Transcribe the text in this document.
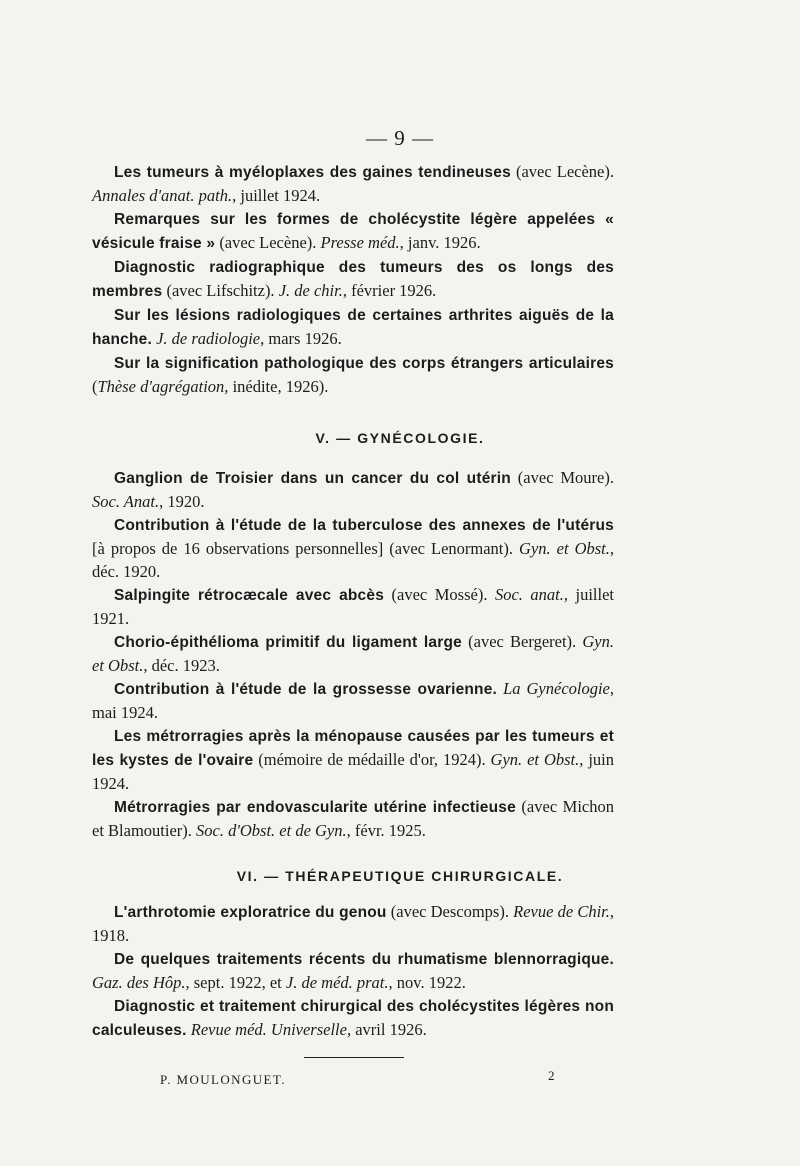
— 9 —

Les tumeurs à myéloplaxes des gaines tendineuses (avec Lecène). Annales d'anat. path., juillet 1924.

Remarques sur les formes de cholécystite légère appelées « vésicule fraise » (avec Lecène). Presse méd., janv. 1926.

Diagnostic radiographique des tumeurs des os longs des membres (avec Lifschitz). J. de chir., février 1926.

Sur les lésions radiologiques de certaines arthrites aiguës de la hanche. J. de radiologie, mars 1926.

Sur la signification pathologique des corps étrangers articulaires (Thèse d'agrégation, inédite, 1926).

V. — GYNÉCOLOGIE.

Ganglion de Troisier dans un cancer du col utérin (avec Moure). Soc. Anat., 1920.

Contribution à l'étude de la tuberculose des annexes de l'utérus [à propos de 16 observations personnelles] (avec Lenormant). Gyn. et Obst., déc. 1920.

Salpingite rétrocæcale avec abcès (avec Mossé). Soc. anat., juillet 1921.

Chorio-épithélioma primitif du ligament large (avec Bergeret). Gyn. et Obst., déc. 1923.

Contribution à l'étude de la grossesse ovarienne. La Gynécologie, mai 1924.

Les métrorragies après la ménopause causées par les tumeurs et les kystes de l'ovaire (mémoire de médaille d'or, 1924). Gyn. et Obst., juin 1924.

Métrorragies par endovascularite utérine infectieuse (avec Michon et Blamoutier). Soc. d'Obst. et de Gyn., févr. 1925.

VI. — THÉRAPEUTIQUE CHIRURGICALE.

L'arthrotomie exploratrice du genou (avec Descomps). Revue de Chir., 1918.

De quelques traitements récents du rhumatisme blennorragique. Gaz. des Hôp., sept. 1922, et J. de méd. prat., nov. 1922.

Diagnostic et traitement chirurgical des cholécystites légères non calculeuses. Revue méd. Universelle, avril 1926.

P. MOULONGUET.	2
